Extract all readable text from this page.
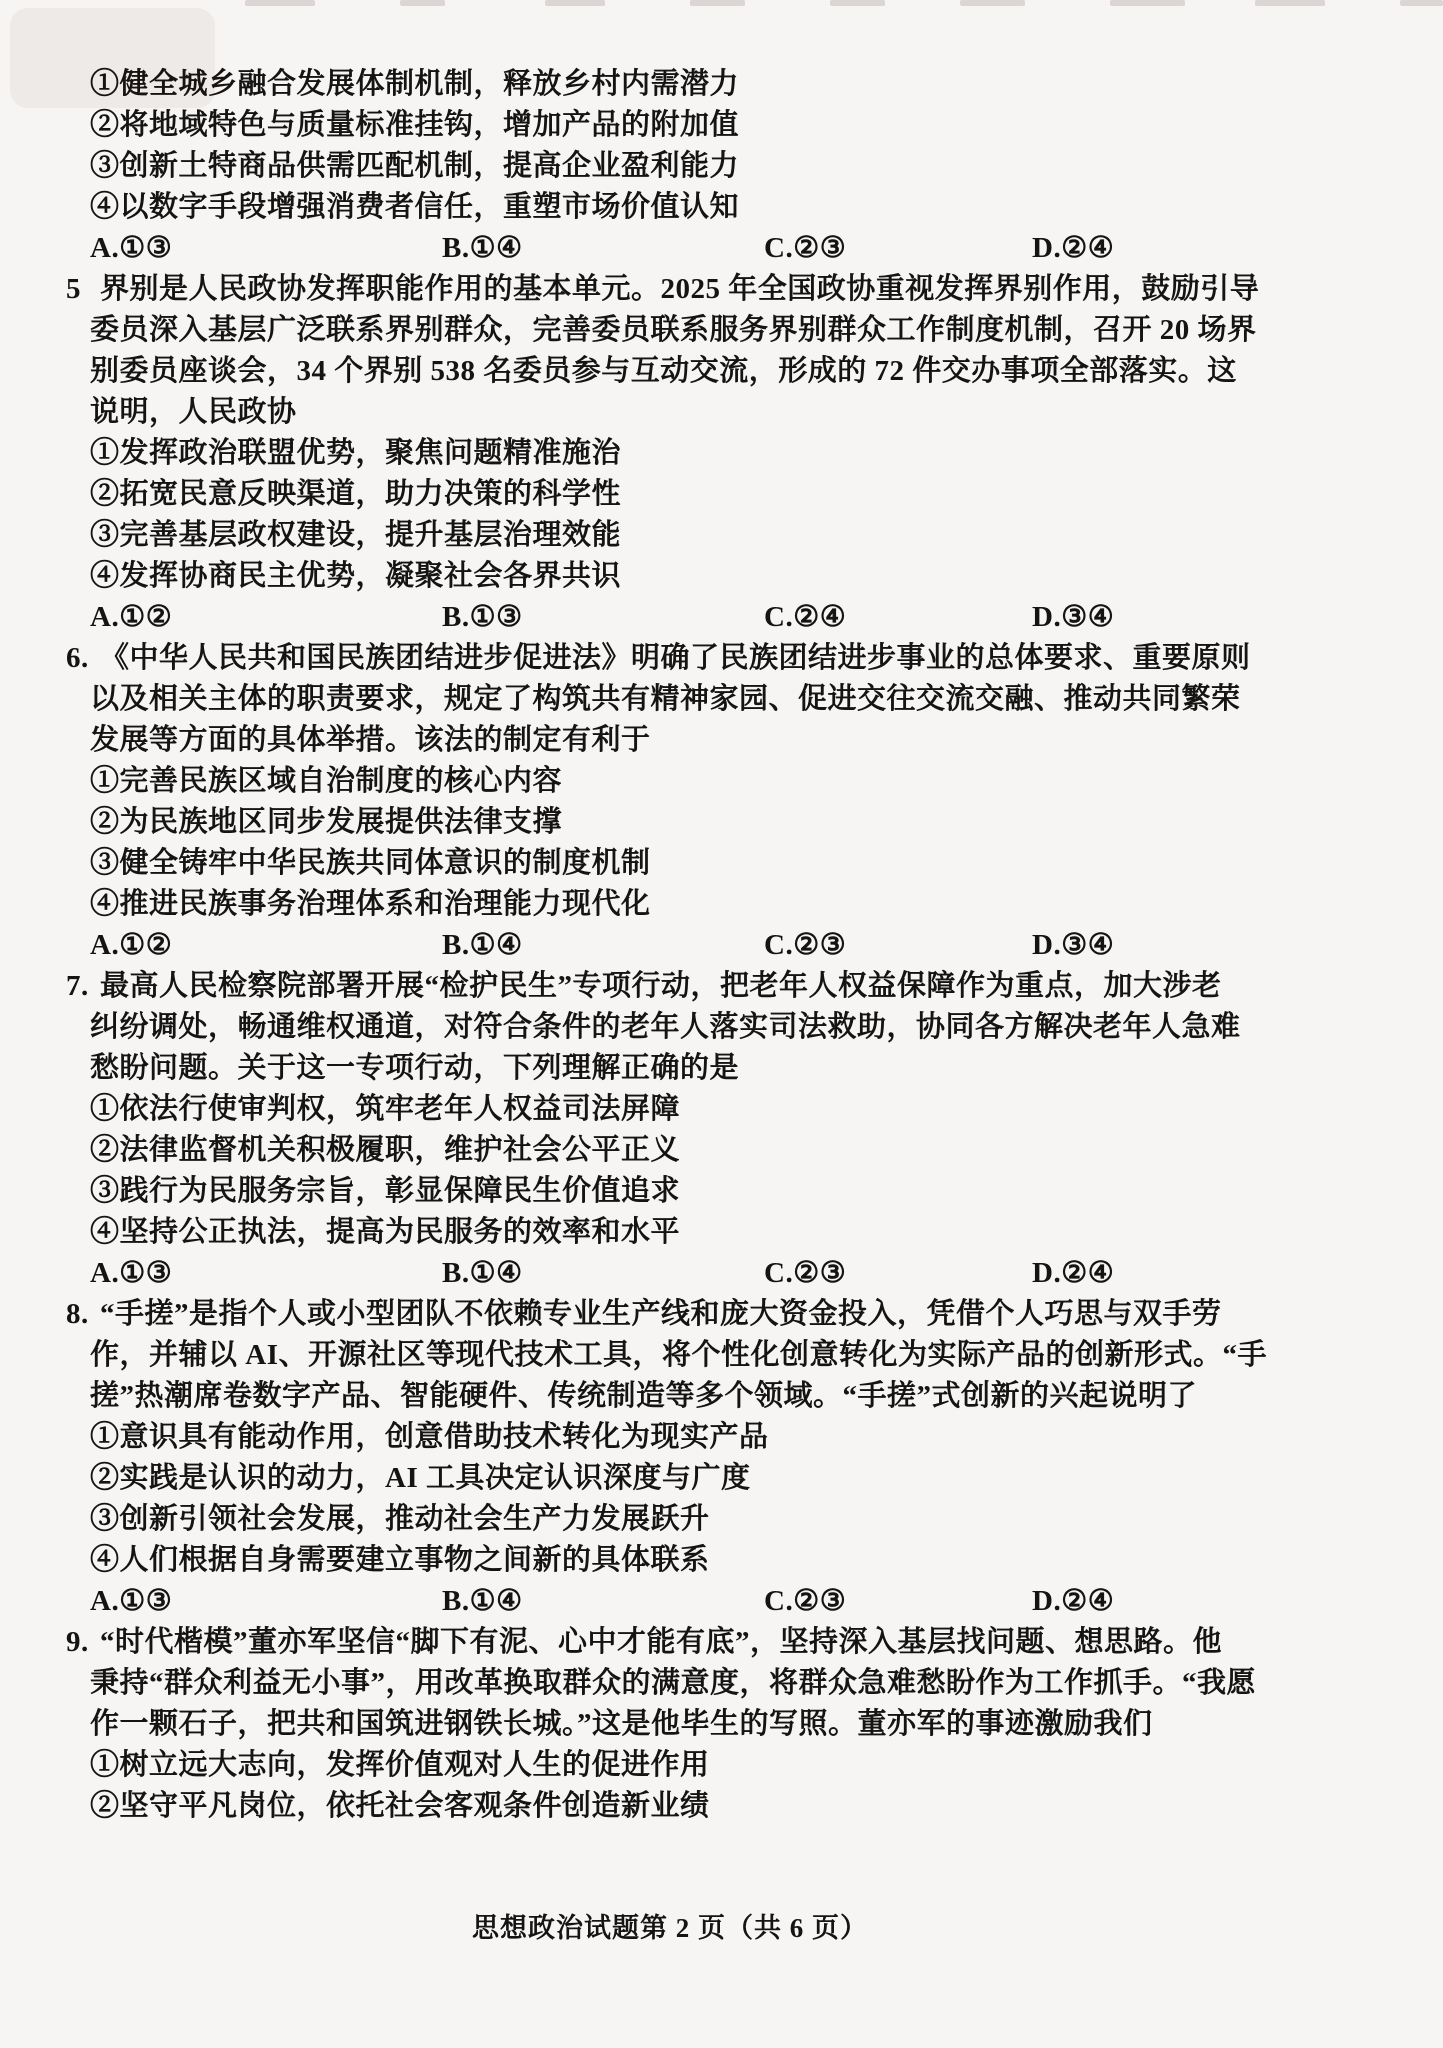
①健全城乡融合发展体制机制，释放乡村内需潜力
②将地域特色与质量标准挂钩，增加产品的附加值
③创新土特商品供需匹配机制，提高企业盈利能力
④以数字手段增强消费者信任，重塑市场价值认知
A.①③	B.①④	C.②③	D.②④
5 界别是人民政协发挥职能作用的基本单元。2025 年全国政协重视发挥界别作用，鼓励引导
委员深入基层广泛联系界别群众，完善委员联系服务界别群众工作制度机制，召开 20 场界
别委员座谈会，34 个界别 538 名委员参与互动交流，形成的 72 件交办事项全部落实。这
说明，人民政协
①发挥政治联盟优势，聚焦问题精准施治
②拓宽民意反映渠道，助力决策的科学性
③完善基层政权建设，提升基层治理效能
④发挥协商民主优势，凝聚社会各界共识
A.①②	B.①③	C.②④	D.③④
6. 《中华人民共和国民族团结进步促进法》明确了民族团结进步事业的总体要求、重要原则
以及相关主体的职责要求，规定了构筑共有精神家园、促进交往交流交融、推动共同繁荣
发展等方面的具体举措。该法的制定有利于
①完善民族区域自治制度的核心内容
②为民族地区同步发展提供法律支撑
③健全铸牢中华民族共同体意识的制度机制
④推进民族事务治理体系和治理能力现代化
A.①②	B.①④	C.②③	D.③④
7. 最高人民检察院部署开展“检护民生”专项行动，把老年人权益保障作为重点，加大涉老
纠纷调处，畅通维权通道，对符合条件的老年人落实司法救助，协同各方解决老年人急难
愁盼问题。关于这一专项行动，下列理解正确的是
①依法行使审判权，筑牢老年人权益司法屏障
②法律监督机关积极履职，维护社会公平正义
③践行为民服务宗旨，彰显保障民生价值追求
④坚持公正执法，提高为民服务的效率和水平
A.①③	B.①④	C.②③	D.②④
8. “手搓”是指个人或小型团队不依赖专业生产线和庞大资金投入，凭借个人巧思与双手劳
作，并辅以 AI、开源社区等现代技术工具，将个性化创意转化为实际产品的创新形式。“手
搓”热潮席卷数字产品、智能硬件、传统制造等多个领域。“手搓”式创新的兴起说明了
①意识具有能动作用，创意借助技术转化为现实产品
②实践是认识的动力，AI 工具决定认识深度与广度
③创新引领社会发展，推动社会生产力发展跃升
④人们根据自身需要建立事物之间新的具体联系
A.①③	B.①④	C.②③	D.②④
9. “时代楷模”董亦军坚信“脚下有泥、心中才能有底”，坚持深入基层找问题、想思路。他
秉持“群众利益无小事”，用改革换取群众的满意度，将群众急难愁盼作为工作抓手。“我愿
作一颗石子，把共和国筑进钢铁长城。”这是他毕生的写照。董亦军的事迹激励我们
①树立远大志向，发挥价值观对人生的促进作用
②坚守平凡岗位，依托社会客观条件创造新业绩
思想政治试题第 2 页（共 6 页）
